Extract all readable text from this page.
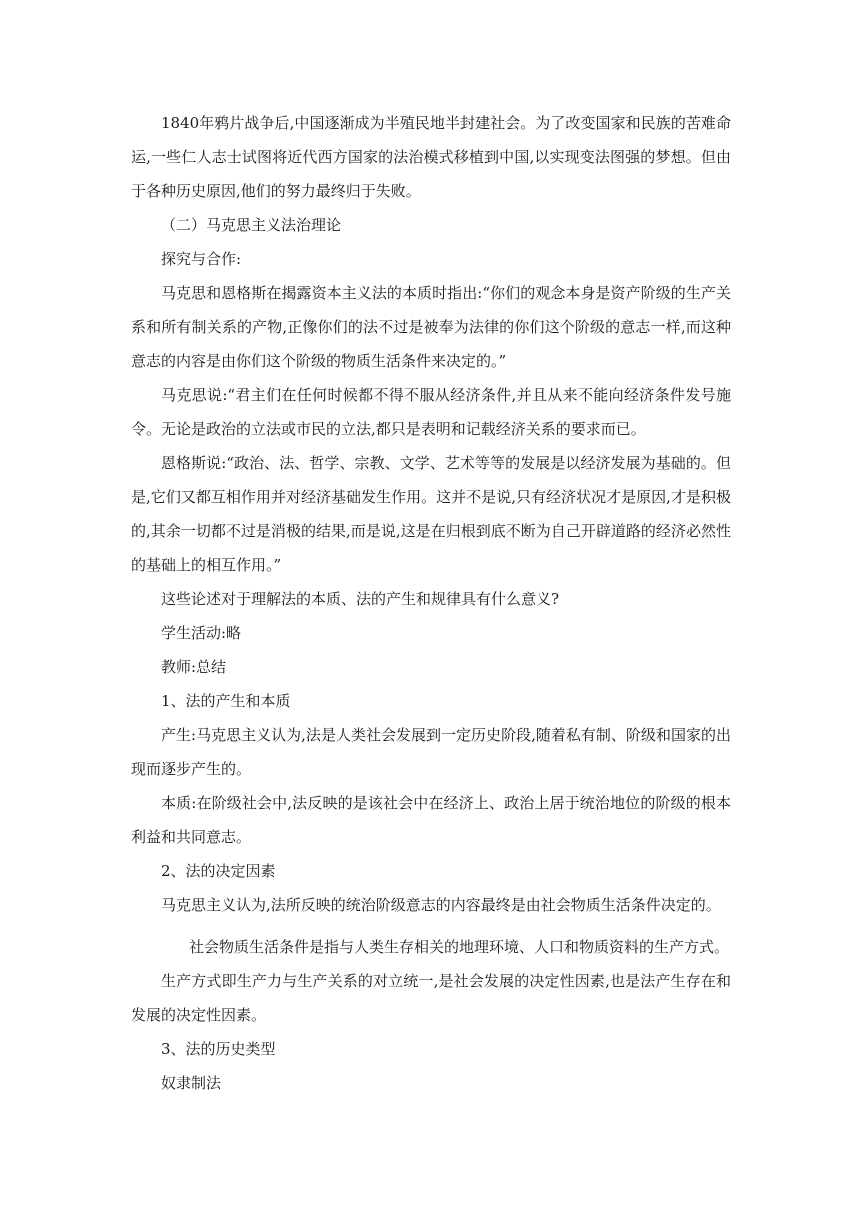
1840年鸦片战争后,中国逐渐成为半殖民地半封建社会。为了改变国家和民族的苦难命运,一些仁人志士试图将近代西方国家的法治模式移植到中国,以实现变法图强的梦想。但由于各种历史原因,他们的努力最终归于失败。

（二）马克思主义法治理论

探究与合作:

马克思和恩格斯在揭露资本主义法的本质时指出:“你们的观念本身是资产阶级的生产关系和所有制关系的产物,正像你们的法不过是被奉为法律的你们这个阶级的意志一样,而这种意志的内容是由你们这个阶级的物质生活条件来决定的。”

马克思说:“君主们在任何时候都不得不服从经济条件,并且从来不能向经济条件发号施令。无论是政治的立法或市民的立法,都只是表明和记载经济关系的要求而已。

恩格斯说:“政治、法、哲学、宗教、文学、艺术等等的发展是以经济发展为基础的。但是,它们又都互相作用并对经济基础发生作用。这并不是说,只有经济状况才是原因,才是积极的,其余一切都不过是消极的结果,而是说,这是在归根到底不断为自己开辟道路的经济必然性的基础上的相互作用。”

这些论述对于理解法的本质、法的产生和规律具有什么意义?

学生活动:略

教师:总结

1、法的产生和本质

产生:马克思主义认为,法是人类社会发展到一定历史阶段,随着私有制、阶级和国家的出现而逐步产生的。

本质:在阶级社会中,法反映的是该社会中在经济上、政治上居于统治地位的阶级的根本利益和共同意志。

2、法的决定因素

马克思主义认为,法所反映的统治阶级意志的内容最终是由社会物质生活条件决定的。

社会物质生活条件是指与人类生存相关的地理环境、人口和物质资料的生产方式。

生产方式即生产力与生产关系的对立统一,是社会发展的决定性因素,也是法产生存在和发展的决定性因素。

3、法的历史类型

奴隶制法
